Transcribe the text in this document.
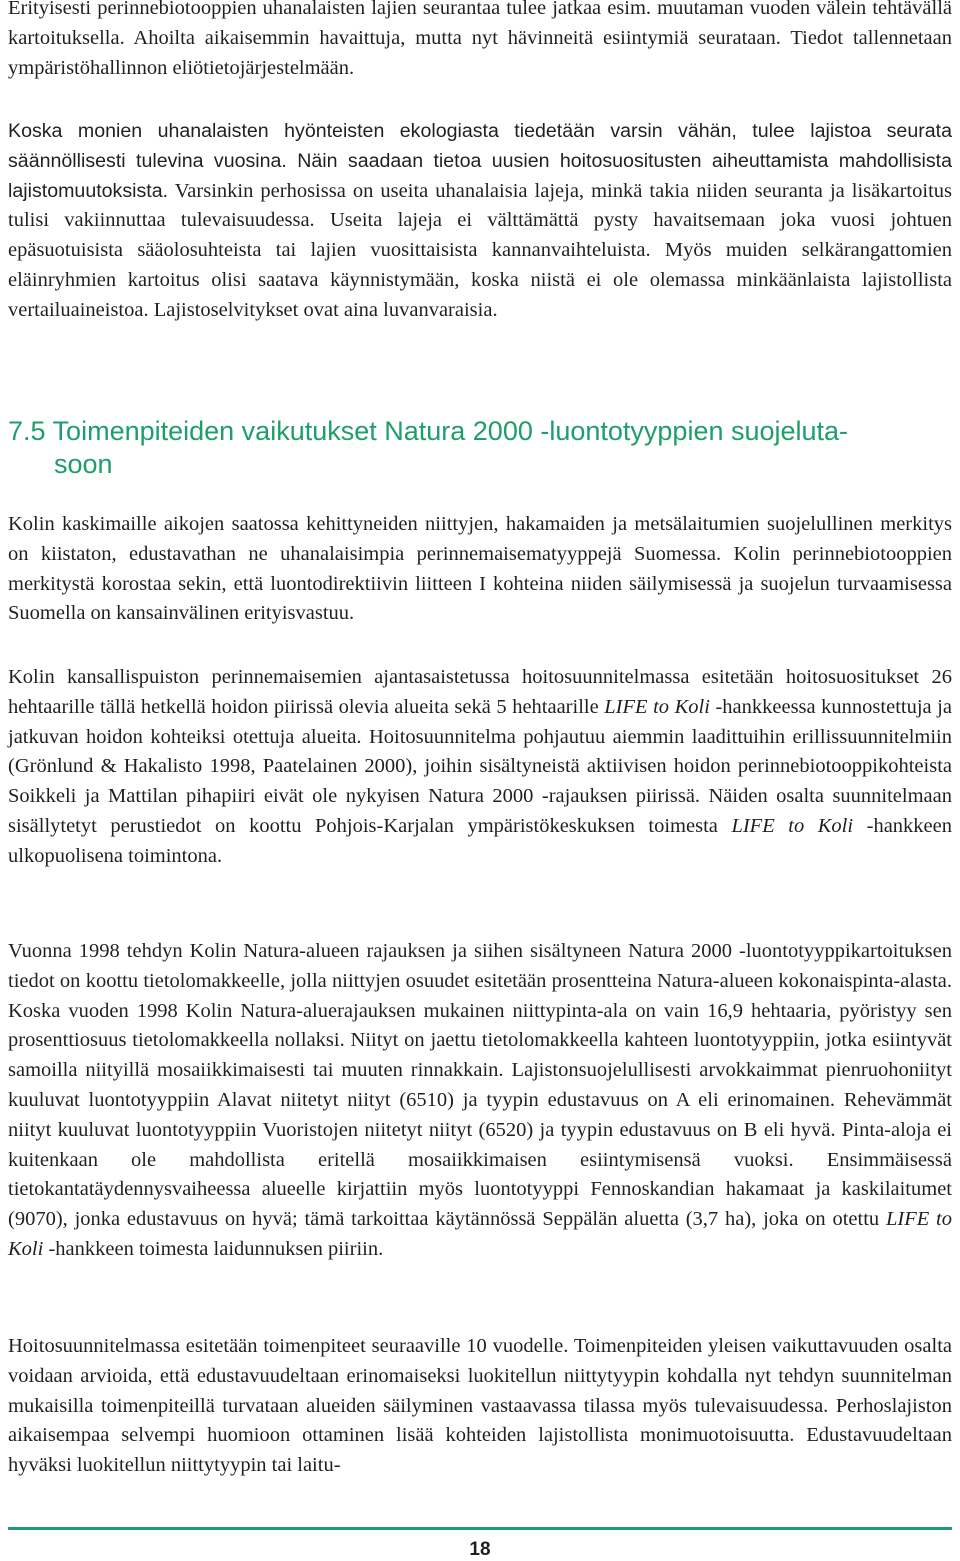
Erityisesti perinnebiotooppien uhanalaisten lajien seurantaa tulee jatkaa esim. muutaman vuoden välein tehtävällä kartoituksella. Ahoilta aikaisemmin havaittuja, mutta nyt hävinneitä esiintymiä seurataan. Tiedot tallennetaan ympäristöhallinnon eliötietojärjestelmään.

Koska monien uhanalaisten hyönteisten ekologiasta tiedetään varsin vähän, tulee lajistoa seurata säännöllisesti tulevina vuosina. Näin saadaan tietoa uusien hoitosuositusten aiheuttamista mahdollisista lajistomuutoksista. Varsinkin perhosissa on useita uhanalaisia lajeja, minkä takia niiden seuranta ja lisäkartoitus tulisi vakiinnuttaa tulevaisuudessa. Useita lajeja ei välttämättä pysty havaitsemaan joka vuosi johtuen epäsuotuisista sääolosuhteista tai lajien vuosittaisista kannanvaihteluista. Myös muiden selkärangattomien eläinryhmien kartoitus olisi saatava käynnistymään, koska niistä ei ole olemassa minkäänlaista lajistollista vertailuaineistoa. Lajistoselvitykset ovat aina luvanvaraisia.

7.5 Toimenpiteiden vaikutukset Natura 2000 -luontotyyppien suojeluta-
soon

Kolin kaskimaille aikojen saatossa kehittyneiden niittyjen, hakamaiden ja metsälaitumien suojelullinen merkitys on kiistaton, edustavathan ne uhanalaisimpia perinnemaisematyyppejä Suomessa. Kolin perinnebiotooppien merkitystä korostaa sekin, että luontodirektiivin liitteen I kohteina niiden säilymisessä ja suojelun turvaamisessa Suomella on kansainvälinen erityisvastuu.

Kolin kansallispuiston perinnemaisemien ajantasaistetussa hoitosuunnitelmassa esitetään hoitosuositukset 26 hehtaarille tällä hetkellä hoidon piirissä olevia alueita sekä 5 hehtaarille LIFE to Koli -hankkeessa kunnostettuja ja jatkuvan hoidon kohteiksi otettuja alueita. Hoitosuunnitelma pohjautuu aiemmin laadittuihin erillissuunnitelmiin (Grönlund & Hakalisto 1998, Paatelainen 2000), joihin sisältyneistä aktiivisen hoidon perinnebiotooppikohteista Soikkeli ja Mattilan pihapiiri eivät ole nykyisen Natura 2000 -rajauksen piirissä. Näiden osalta suunnitelmaan sisällytetyt perustiedot on koottu Pohjois-Karjalan ympäristökeskuksen toimesta LIFE to Koli -hankkeen ulkopuolisena toimintona.

Vuonna 1998 tehdyn Kolin Natura-alueen rajauksen ja siihen sisältyneen Natura 2000 -luontotyyppikartoituksen tiedot on koottu tietolomakkeelle, jolla niittyjen osuudet esitetään prosentteina Natura-alueen kokonaispinta-alasta. Koska vuoden 1998 Kolin Natura-aluerajauksen mukainen niittypinta-ala on vain 16,9 hehtaaria, pyöristyy sen prosenttiosuus tietolomakkeella nollaksi. Niityt on jaettu tietolomakkeella kahteen luontotyyppiin, jotka esiintyvät samoilla niityillä mosaiikkimaisesti tai muuten rinnakkain. Lajistonsuojelullisesti arvokkaimmat pienruohoniityt kuuluvat luontotyyppiin Alavat niitetyt niityt (6510) ja tyypin edustavuus on A eli erinomainen. Rehevämmät niityt kuuluvat luontotyyppiin Vuoristojen niitetyt niityt (6520) ja tyypin edustavuus on B eli hyvä. Pinta-aloja ei kuitenkaan ole mahdollista eritellä mosaiikkimaisen esiintymisensä vuoksi. Ensimmäisessä tietokantatäydennysvaiheessa alueelle kirjattiin myös luontotyyppi Fennoskandian hakamaat ja kaskilaitumet (9070), jonka edustavuus on hyvä; tämä tarkoittaa käytännössä Seppälän aluetta (3,7 ha), joka on otettu LIFE to Koli -hankkeen toimesta laidunnuksen piiriin.

Hoitosuunnitelmassa esitetään toimenpiteet seuraaville 10 vuodelle. Toimenpiteiden yleisen vaikuttavuuden osalta voidaan arvioida, että edustavuudeltaan erinomaiseksi luokitellun niittytyypin kohdalla nyt tehdyn suunnitelman mukaisilla toimenpiteillä turvataan alueiden säilyminen vastaavassa tilassa myös tulevaisuudessa. Perhoslajiston aikaisempaa selvempi huomioon ottaminen lisää kohteiden lajistollista monimuotoisuutta. Edustavuudeltaan hyväksi luokitellun niittytyypin tai laitu-

18
